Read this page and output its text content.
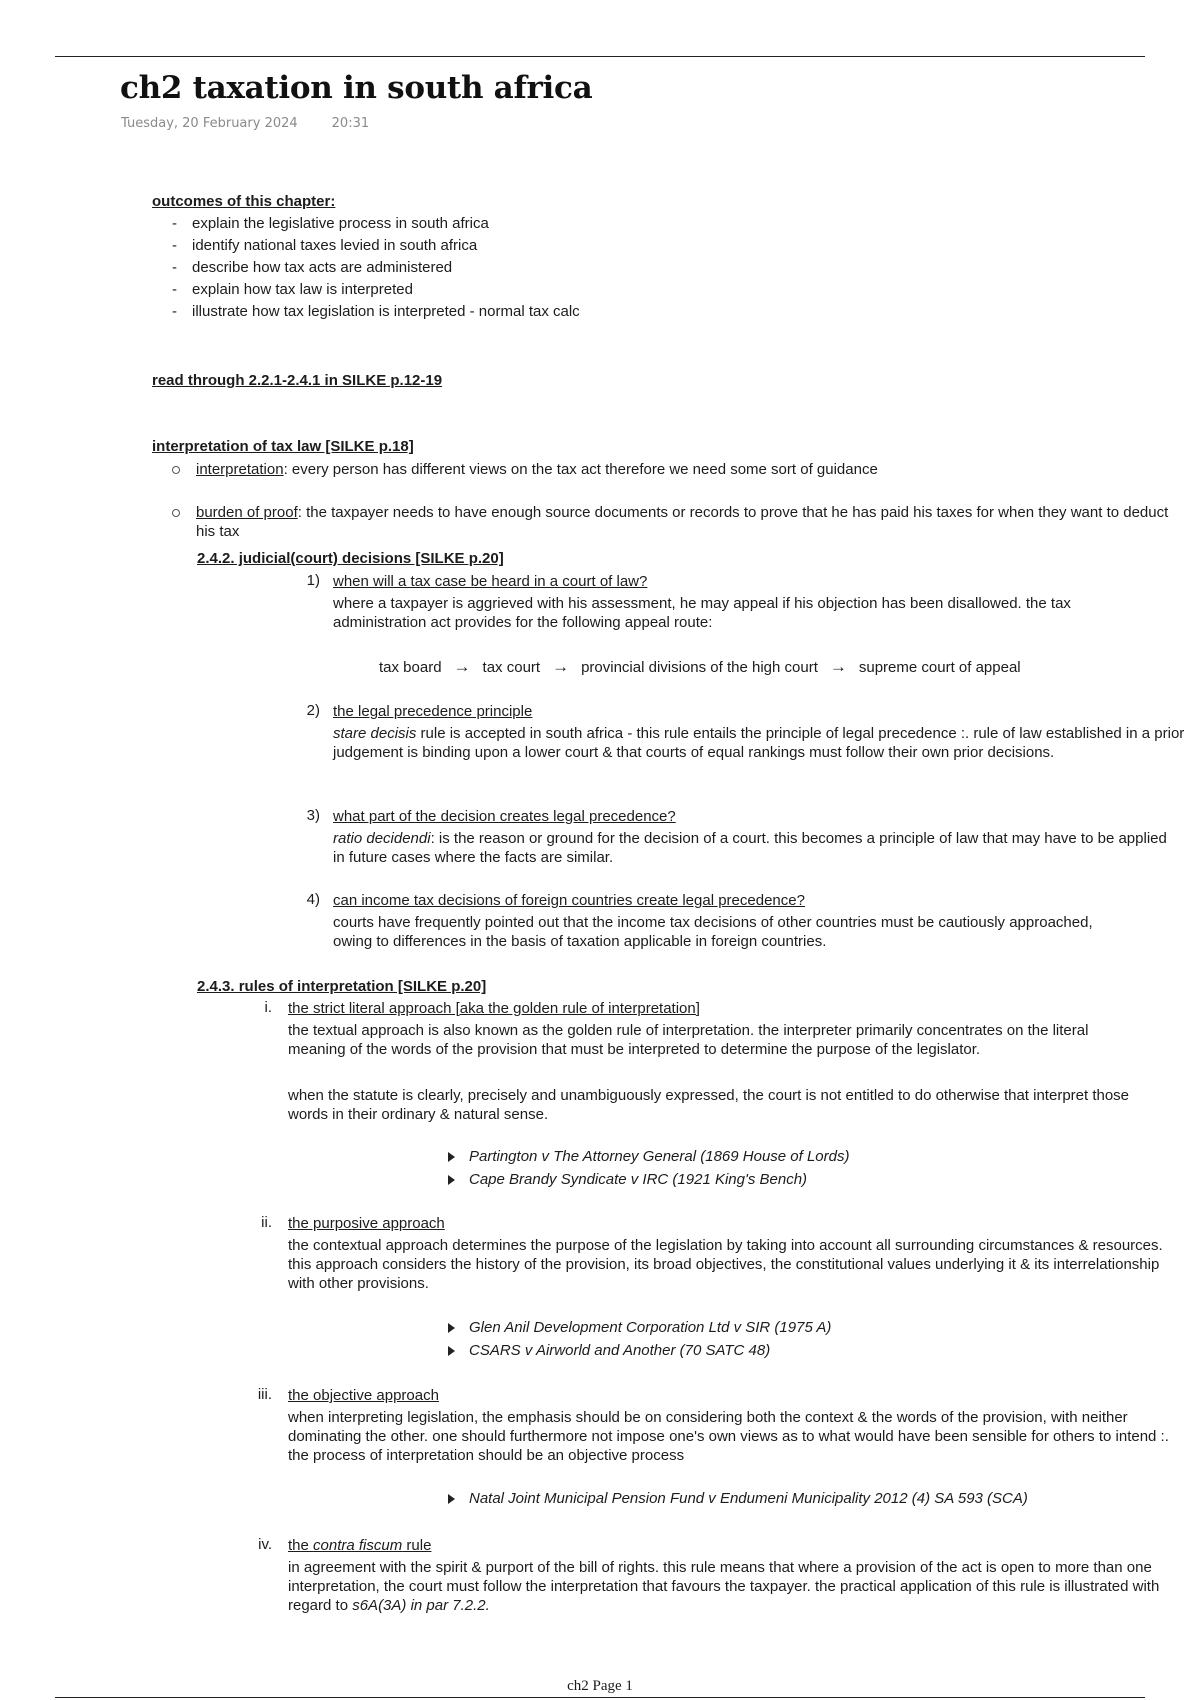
ch2 taxation in south africa
Tuesday, 20 February 2024	20:31
outcomes of this chapter:
- explain the legislative process in south africa
- identify national taxes levied in south africa
- describe how tax acts are administered
- explain how tax law is interpreted
- illustrate how tax legislation is interpreted - normal tax calc
read through 2.2.1-2.4.1 in SILKE p.12-19
interpretation of tax law [SILKE p.18]
interpretation: every person has different views on the tax act therefore we need some sort of guidance
burden of proof: the taxpayer needs to have enough source documents or records to prove that he has paid his taxes for when they want to deduct his tax
2.4.2. judicial(court) decisions [SILKE p.20]
1) when will a tax case be heard in a court of law?
where a taxpayer is aggrieved with his assessment, he may appeal if his objection has been disallowed. the tax administration act provides for the following appeal route:
tax board → tax court → provincial divisions of the high court → supreme court of appeal
2) the legal precedence principle
stare decisis rule is accepted in south africa - this rule entails the principle of legal precedence :. rule of law established in a prior judgement is binding upon a lower court & that courts of equal rankings must follow their own prior decisions.
3) what part of the decision creates legal precedence?
ratio decidendi: is the reason or ground for the decision of a court. this becomes a principle of law that may have to be applied in future cases where the facts are similar.
4) can income tax decisions of foreign countries create legal precedence?
courts have frequently pointed out that the income tax decisions of other countries must be cautiously approached, owing to differences in the basis of taxation applicable in foreign countries.
2.4.3. rules of interpretation [SILKE p.20]
i. the strict literal approach [aka the golden rule of interpretation]
the textual approach is also known as the golden rule of interpretation. the interpreter primarily concentrates on the literal meaning of the words of the provision that must be interpreted to determine the purpose of the legislator.
when the statute is clearly, precisely and unambiguously expressed, the court is not entitled to do otherwise that interpret those words in their ordinary & natural sense.
Partington v The Attorney General (1869 House of Lords)
Cape Brandy Syndicate v IRC (1921 King's Bench)
ii. the purposive approach
the contextual approach determines the purpose of the legislation by taking into account all surrounding circumstances & resources. this approach considers the history of the provision, its broad objectives, the constitutional values underlying it & its interrelationship with other provisions.
Glen Anil Development Corporation Ltd v SIR (1975 A)
CSARS v Airworld and Another (70 SATC 48)
iii. the objective approach
when interpreting legislation, the emphasis should be on considering both the context & the words of the provision, with neither dominating the other. one should furthermore not impose one's own views as to what would have been sensible for others to intend :. the process of interpretation should be an objective process
Natal Joint Municipal Pension Fund v Endumeni Municipality 2012 (4) SA 593 (SCA)
iv. the contra fiscum rule
in agreement with the spirit & purport of the bill of rights. this rule means that where a provision of the act is open to more than one interpretation, the court must follow the interpretation that favours the taxpayer. the practical application of this rule is illustrated with regard to s6A(3A) in par 7.2.2.
ch2 Page 1
